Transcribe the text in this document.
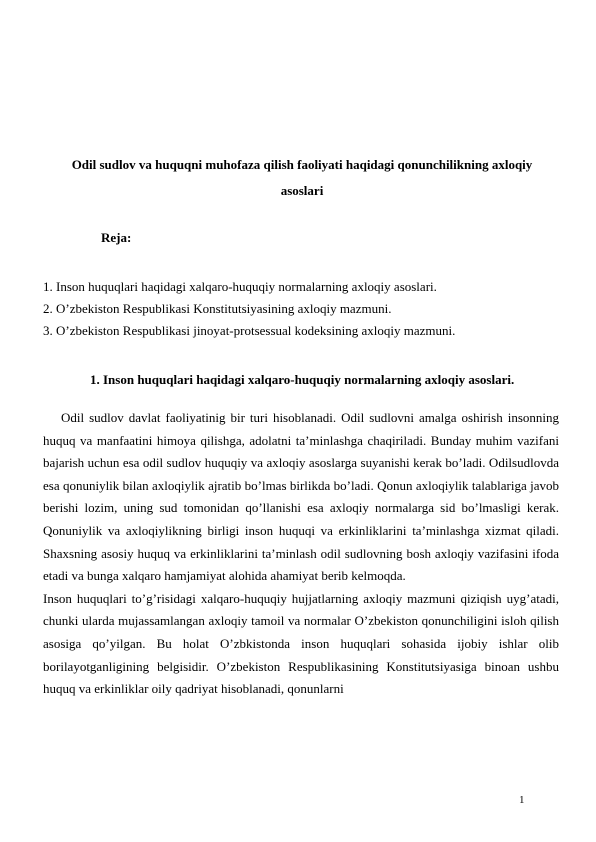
Odil sudlov va huquqni muhofaza qilish faoliyati haqidagi qonunchilikning axloqiy asoslari
Reja:
1. Inson huquqlari haqidagi xalqaro-huquqiy normalarning axloqiy asoslari.
2. O’zbekiston Respublikasi Konstitutsiyasining axloqiy mazmuni.
3. O’zbekiston Respublikasi jinoyat-protsessual kodeksining axloqiy mazmuni.
1. Inson huquqlari haqidagi xalqaro-huquqiy normalarning axloqiy asoslari.

Odil sudlov davlat faoliyatinig bir turi hisoblanadi. Odil sudlovni amalga oshirish insonning huquq va manfaatini himoya qilishga, adolatni ta’minlashga chaqiriladi. Bunday muhim vazifani bajarish uchun esa odil sudlov huquqiy va axloqiy asoslarga suyanishi kerak bo’ladi. Odilsudlovda esa qonuniylik bilan axloqiylik ajratib bo’lmas birlikda bo’ladi. Qonun axloqiylik talablariga javob berishi lozim, uning sud tomonidan qo’llanishi esa axloqiy normalarga sid bo’lmasligi kerak. Qonuniylik va axloqiylikning birligi inson huquqi va erkinliklarini ta’minlashga xizmat qiladi. Shaxsning asosiy huquq va erkinliklarini ta’minlash odil sudlovning bosh axloqiy vazifasini ifoda etadi va bunga xalqaro hamjamiyat alohida ahamiyat berib kelmoqda.

Inson huquqlari to’g’risidagi xalqaro-huquqiy hujjatlarning axloqiy mazmuni qiziqish uyg’atadi, chunki ularda mujassamlangan axloqiy tamoil va normalar O’zbekiston qonunchiligini isloh qilish asosiga qo’yilgan. Bu holat O’zbkistonda inson huquqlari sohasida ijobiy ishlar olib borilayotganligining belgisidir. O’zbekiston Respublikasining Konstitutsiyasiga binoan ushbu huquq va erkinliklar oily qadriyat hisoblanadi, qonunlarni

1
